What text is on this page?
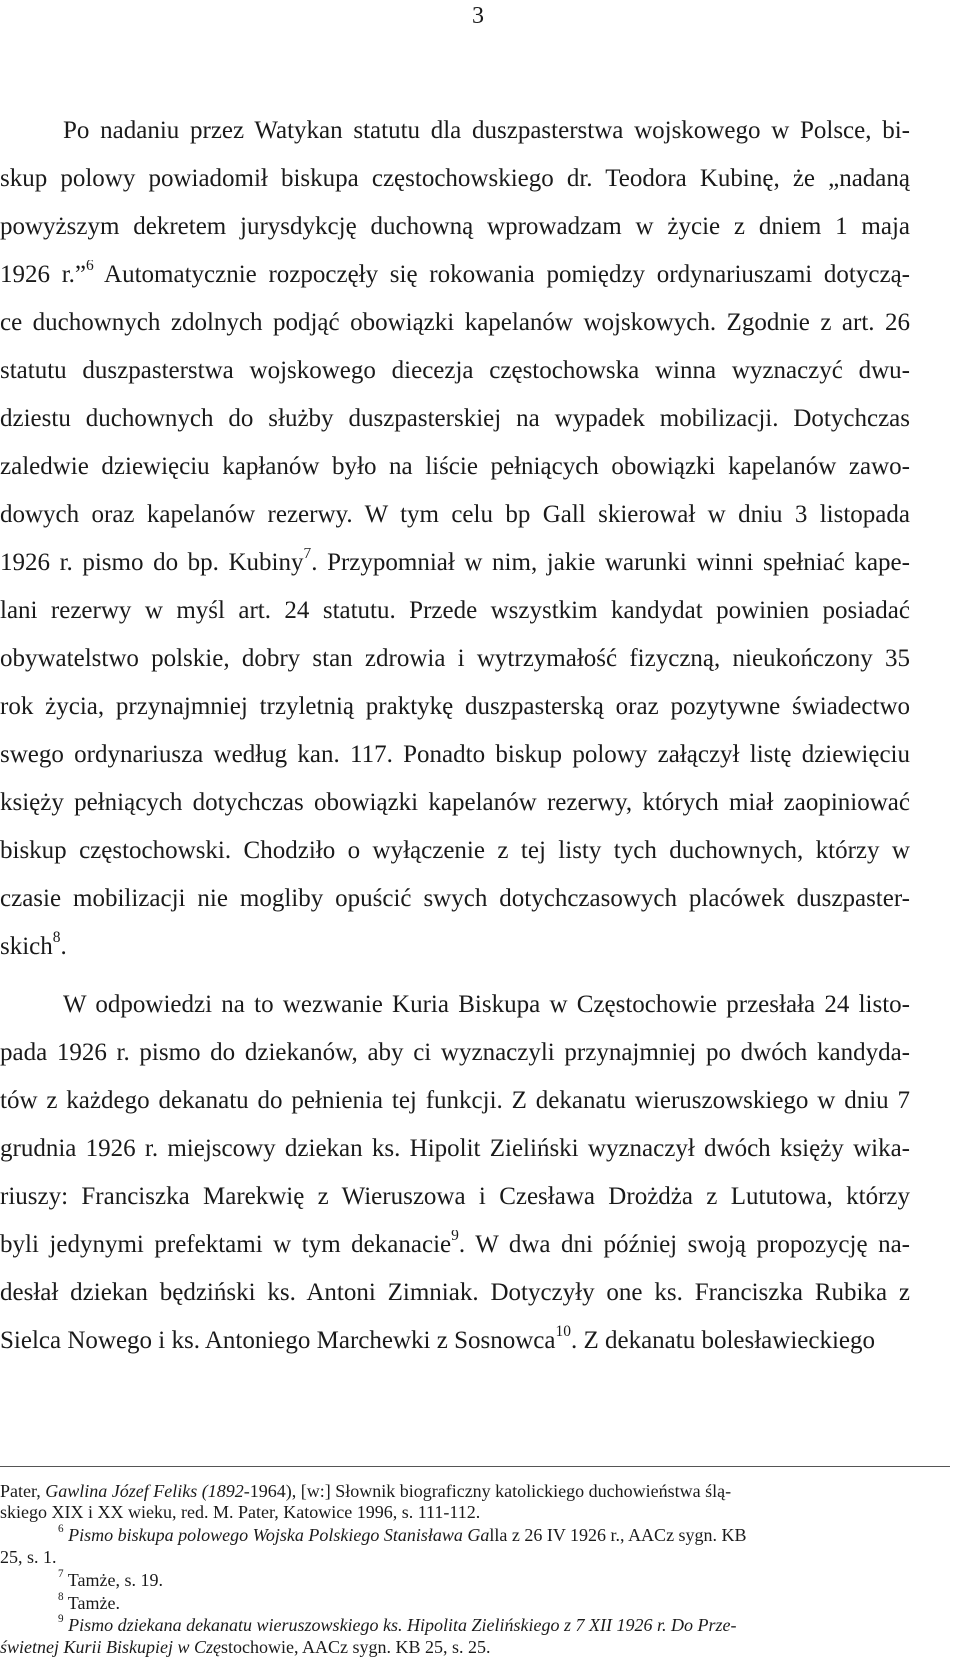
3
Po nadaniu przez Watykan statutu dla duszpasterstwa wojskowego w Polsce, bi-
skup polowy powiadomił biskupa częstochowskiego dr. Teodora Kubinę, że „nadaną
powyższym dekretem jurysdykcję duchowną wprowadzam w życie z dniem 1 maja
1926 r.”$^6$ Automatycznie rozpoczęły się rokowania pomiędzy ordynariuszami dotyczą-
ce duchownych zdolnych podjąć obowiązki kapelanów wojskowych. Zgodnie z art. 26
statutu duszpasterstwa wojskowego diecezja częstochowska winna wyznaczyć dwu-
dziestu duchownych do służby duszpasterskiej na wypadek mobilizacji. Dotychczas
zaledwie dziewięciu kapłanów było na liście pełniących obowiązki kapelanów zawo-
dowych oraz kapelanów rezerwy. W tym celu bp Gall skierował w dniu 3 listopada
1926 r. pismo do bp. Kubiny$^7$. Przypomniał w nim, jakie warunki winni spełniać kape-
lani rezerwy w myśl art. 24 statutu. Przede wszystkim kandydat powinien posiadać
obywatelstwo polskie, dobry stan zdrowia i wytrzymałość fizyczną, nieukończony 35
rok życia, przynajmniej trzyletnią praktykę duszpasterską oraz pozytywne świadectwo
swego ordynariusza według kan. 117. Ponadto biskup polowy załączył listę dziewięciu
księży pełniących dotychczas obowiązki kapelanów rezerwy, których miał zaopiniować
biskup częstochowski. Chodziło o wyłączenie z tej listy tych duchownych, którzy w
czasie mobilizacji nie mogliby opuścić swych dotychczasowych placówek duszpaster-
skich$^8$.
W odpowiedzi na to wezwanie Kuria Biskupa w Częstochowie przesłała 24 listo-
pada 1926 r. pismo do dziekanów, aby ci wyznaczyli przynajmniej po dwóch kandyda-
tów z każdego dekanatu do pełnienia tej funkcji. Z dekanatu wieruszowskiego w dniu 7
grudnia 1926 r. miejscowy dziekan ks. Hipolit Zieliński wyznaczył dwóch księży wika-
riuszy: Franciszka Marekwię z Wieruszowa i Czesława Drożdża z Lututowa, którzy
byli jedynymi prefektami w tym dekanacie$^9$. W dwa dni później swoją propozycję na-
desłał dziekan będziński ks. Antoni Zimniak. Dotyczyły one ks. Franciszka Rubika z
Sielca Nowego i ks. Antoniego Marchewki z Sosnowca$^{10}$. Z dekanatu bolesławieckiego
Pater, Gawlina Józef Feliks (1892-1964), [w:] Słownik biograficzny katolickiego duchowieństwa ślą-
skiego XIX i XX wieku, red. M. Pater, Katowice 1996, s. 111-112.
$^6$ Pismo biskupa polowego Wojska Polskiego Stanisława Galla z 26 IV 1926 r., AACz sygn. KB
25, s. 1.
$^7$ Tamże, s. 19.
$^8$ Tamże.
$^9$ Pismo dziekana dekanatu wieruszowskiego ks. Hipolita Zielińskiego z 7 XII 1926 r. Do Prze-
świetnej Kurii Biskupiej w Częstochowie, AACz sygn. KB 25, s. 25.
